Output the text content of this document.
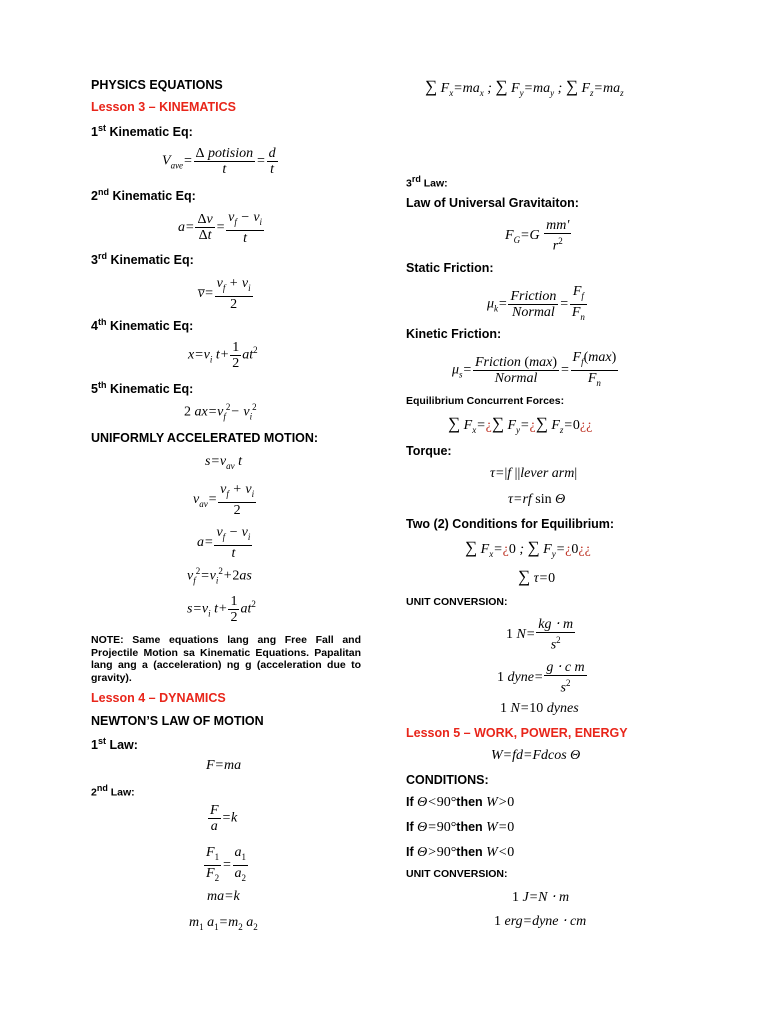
PHYSICS EQUATIONS
Lesson 3 – KINEMATICS
1st Kinematic Eq:
$V_{ave}= \frac{\text{Δ potision}}{t} = \frac{d}{t}$
2nd Kinematic Eq:
$a= \frac{\Delta v}{\Delta t} = \frac{v_f - v_i}{t}$
3rd Kinematic Eq:
v̅= $\frac{v_f + v_i}{2}$
4th Kinematic Eq:
$x=v_i$ $t+ \frac{1}{2} at^2$
5th Kinematic Eq:
2 $ax=v_f^2- v_i^2$
UNIFORMLY ACCELERATED MOTION:
$s=v_{av}$ t
$v_{av}= \frac{v_f + v_i}{2}$
$a= \frac{v_f - v_i}{t}$
$v_f^2=v_i^2+2as$
$s=v_i$ $t+ \frac{1}{2} at^2$
NOTE: Same equations lang ang Free Fall and Projectile Motion sa Kinematic Equations. Papalitan lang ang a (acceleration) ng g (acceleration due to gravity).
Lesson 4 – DYNAMICS
NEWTON’S LAW OF MOTION
1st Law:
F=ma
2nd Law:
$\frac{F}{a} =k$
$\frac{F_1}{F_2} = \frac{a_1}{a_2}$
ma=k
$m_1$ $a_1=m_2$ $a_2$
∑ $F_x=ma_x$ ; ∑ $F_y=ma_y$ ; ∑ $F_z=ma_z$
3rd Law:
Law of Universal Gravitaiton:
$F_G=G \frac{mm'}{r^2}$
Static Friction:
$\mu_k= \frac{\text{Friction}}{\text{Normal}} = \frac{F_f}{F_n}$
Kinetic Friction:
$\mu_s= \frac{\text{Friction (max)}}{\text{Normal}} = \frac{F_f(\max)}{F_n}$
Equilibrium Concurrent Forces:
∑ $F_x=¿\sum$ $F_y=¿\sum$ $F_z=0¿¿$
Torque:
τ=|f ||lever arm|
τ=rf sin Θ
Two (2) Conditions for Equilibrium:
∑ $F_x=¿0$ ; ∑ $F_y=¿0¿¿$
∑ τ=0
UNIT CONVERSION:
1 $N= \frac{kg \cdot m}{s^2}$
1 dyne= $\frac{\text{g ⋅ c m}}{s^2}$
1 N=10 dynes
Lesson 5 – WORK, POWER, ENERGY
W=fd=Fdcos Θ
CONDITIONS:
If Θ<90°then W>0
If Θ=90°then W=0
If Θ>90°then W<0
UNIT CONVERSION:
1 J=N ⋅ m
1 erg=dyne ⋅ cm
